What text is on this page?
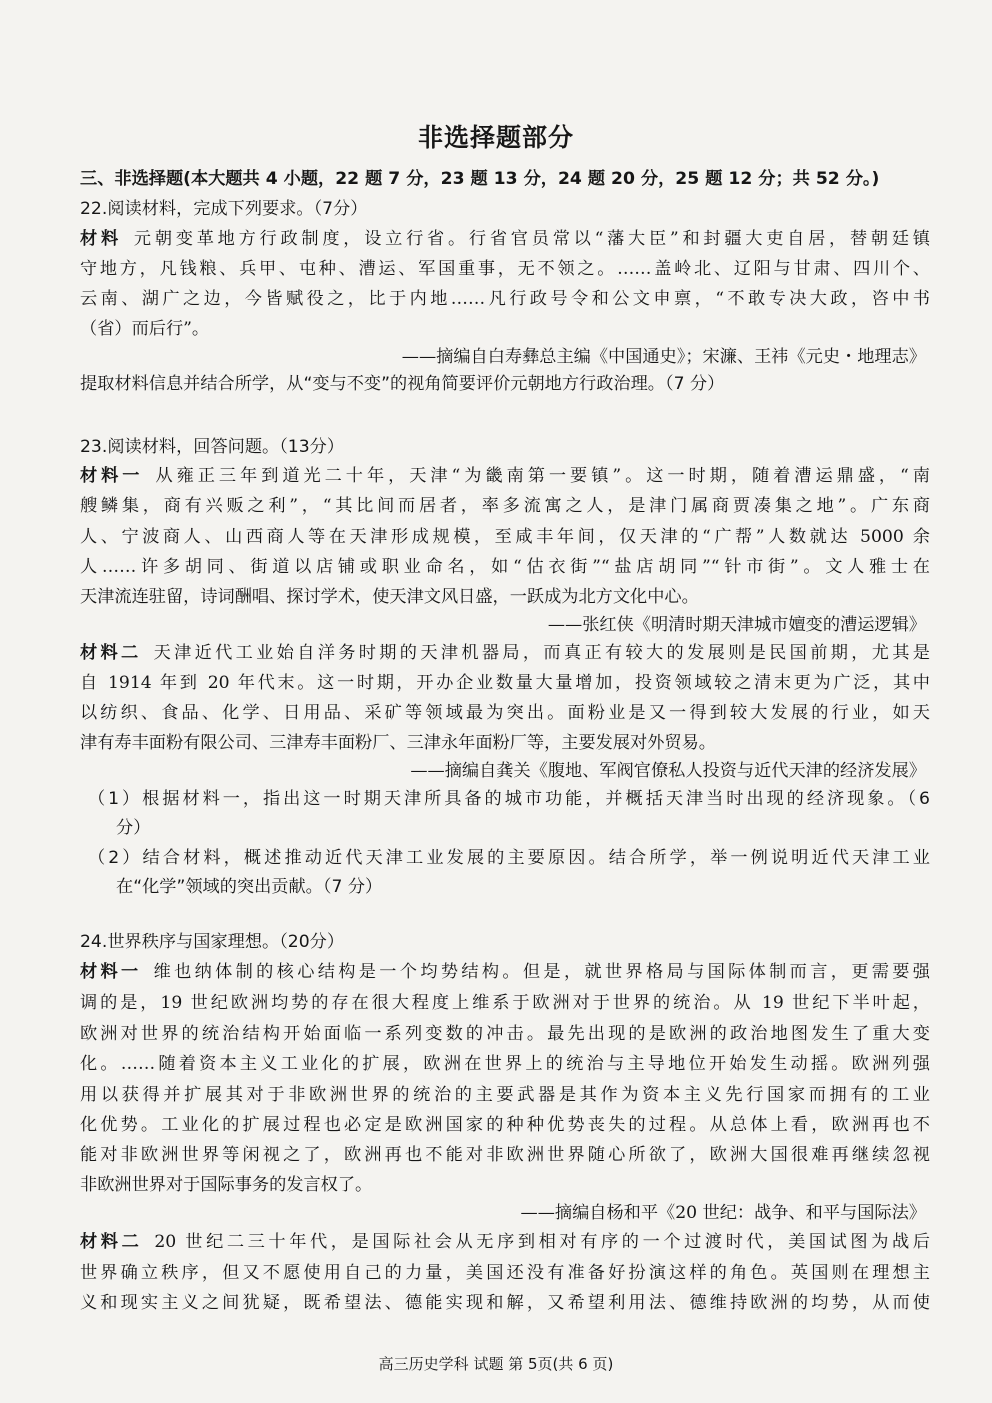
非选择题部分
三、非选择题(本大题共 4 小题，22 题 7 分，23 题 13 分，24 题 20 分，25 题 12 分；共 52 分。)
22.阅读材料，完成下列要求。（7分）
材料 元朝变革地方行政制度，设立行省。行省官员常以“藩大臣”和封疆大吏自居，替朝廷镇
守地方，凡钱粮、兵甲、屯种、漕运、军国重事，无不领之。……盖岭北、辽阳与甘肃、四川个、
云南、湖广之边，今皆赋役之，比于内地……凡行政号令和公文申禀，“不敢专决大政，咨中书
（省）而后行”。
——摘编自白寿彝总主编《中国通史》；宋濂、王祎《元史・地理志》
提取材料信息并结合所学，从“变与不变”的视角简要评价元朝地方行政治理。（7 分）
23.阅读材料，回答问题。（13分）
材料一 从雍正三年到道光二十年，天津“为畿南第一要镇”。这一时期，随着漕运鼎盛，“南
艘鳞集，商有兴贩之利”，“其比间而居者，率多流寓之人，是津门属商贾凑集之地”。广东商
人、宁波商人、山西商人等在天津形成规模，至咸丰年间，仅天津的“广帮”人数就达 5000 余
人……许多胡同、街道以店铺或职业命名，如“估衣街”“盐店胡同”“针市街”。文人雅士在
天津流连驻留，诗词酬唱、探讨学术，使天津文风日盛，一跃成为北方文化中心。
——张红侠《明清时期天津城市嬗变的漕运逻辑》
材料二 天津近代工业始自洋务时期的天津机器局，而真正有较大的发展则是民国前期，尤其是
自 1914 年到 20 年代末。这一时期，开办企业数量大量增加，投资领域较之清末更为广泛，其中
以纺织、食品、化学、日用品、采矿等领域最为突出。面粉业是又一得到较大发展的行业，如天
津有寿丰面粉有限公司、三津寿丰面粉厂、三津永年面粉厂等，主要发展对外贸易。
——摘编自龚关《腹地、军阀官僚私人投资与近代天津的经济发展》
（1）根据材料一，指出这一时期天津所具备的城市功能，并概括天津当时出现的经济现象。（6
分）
（2）结合材料，概述推动近代天津工业发展的主要原因。结合所学，举一例说明近代天津工业
在“化学”领域的突出贡献。（7 分）
24.世界秩序与国家理想。（20分）
材料一 维也纳体制的核心结构是一个均势结构。但是，就世界格局与国际体制而言，更需要强
调的是，19 世纪欧洲均势的存在很大程度上维系于欧洲对于世界的统治。从 19 世纪下半叶起，
欧洲对世界的统治结构开始面临一系列变数的冲击。最先出现的是欧洲的政治地图发生了重大变
化。……随着资本主义工业化的扩展，欧洲在世界上的统治与主导地位开始发生动摇。欧洲列强
用以获得并扩展其对于非欧洲世界的统治的主要武器是其作为资本主义先行国家而拥有的工业
化优势。工业化的扩展过程也必定是欧洲国家的种种优势丧失的过程。从总体上看，欧洲再也不
能对非欧洲世界等闲视之了，欧洲再也不能对非欧洲世界随心所欲了，欧洲大国很难再继续忽视
非欧洲世界对于国际事务的发言权了。
——摘编自杨和平《20 世纪：战争、和平与国际法》
材料二 20 世纪二三十年代，是国际社会从无序到相对有序的一个过渡时代，美国试图为战后
世界确立秩序，但又不愿使用自己的力量，美国还没有准备好扮演这样的角色。英国则在理想主
义和现实主义之间犹疑，既希望法、德能实现和解，又希望利用法、德维持欧洲的均势，从而使
高三历史学科 试题 第 5页(共 6 页)
